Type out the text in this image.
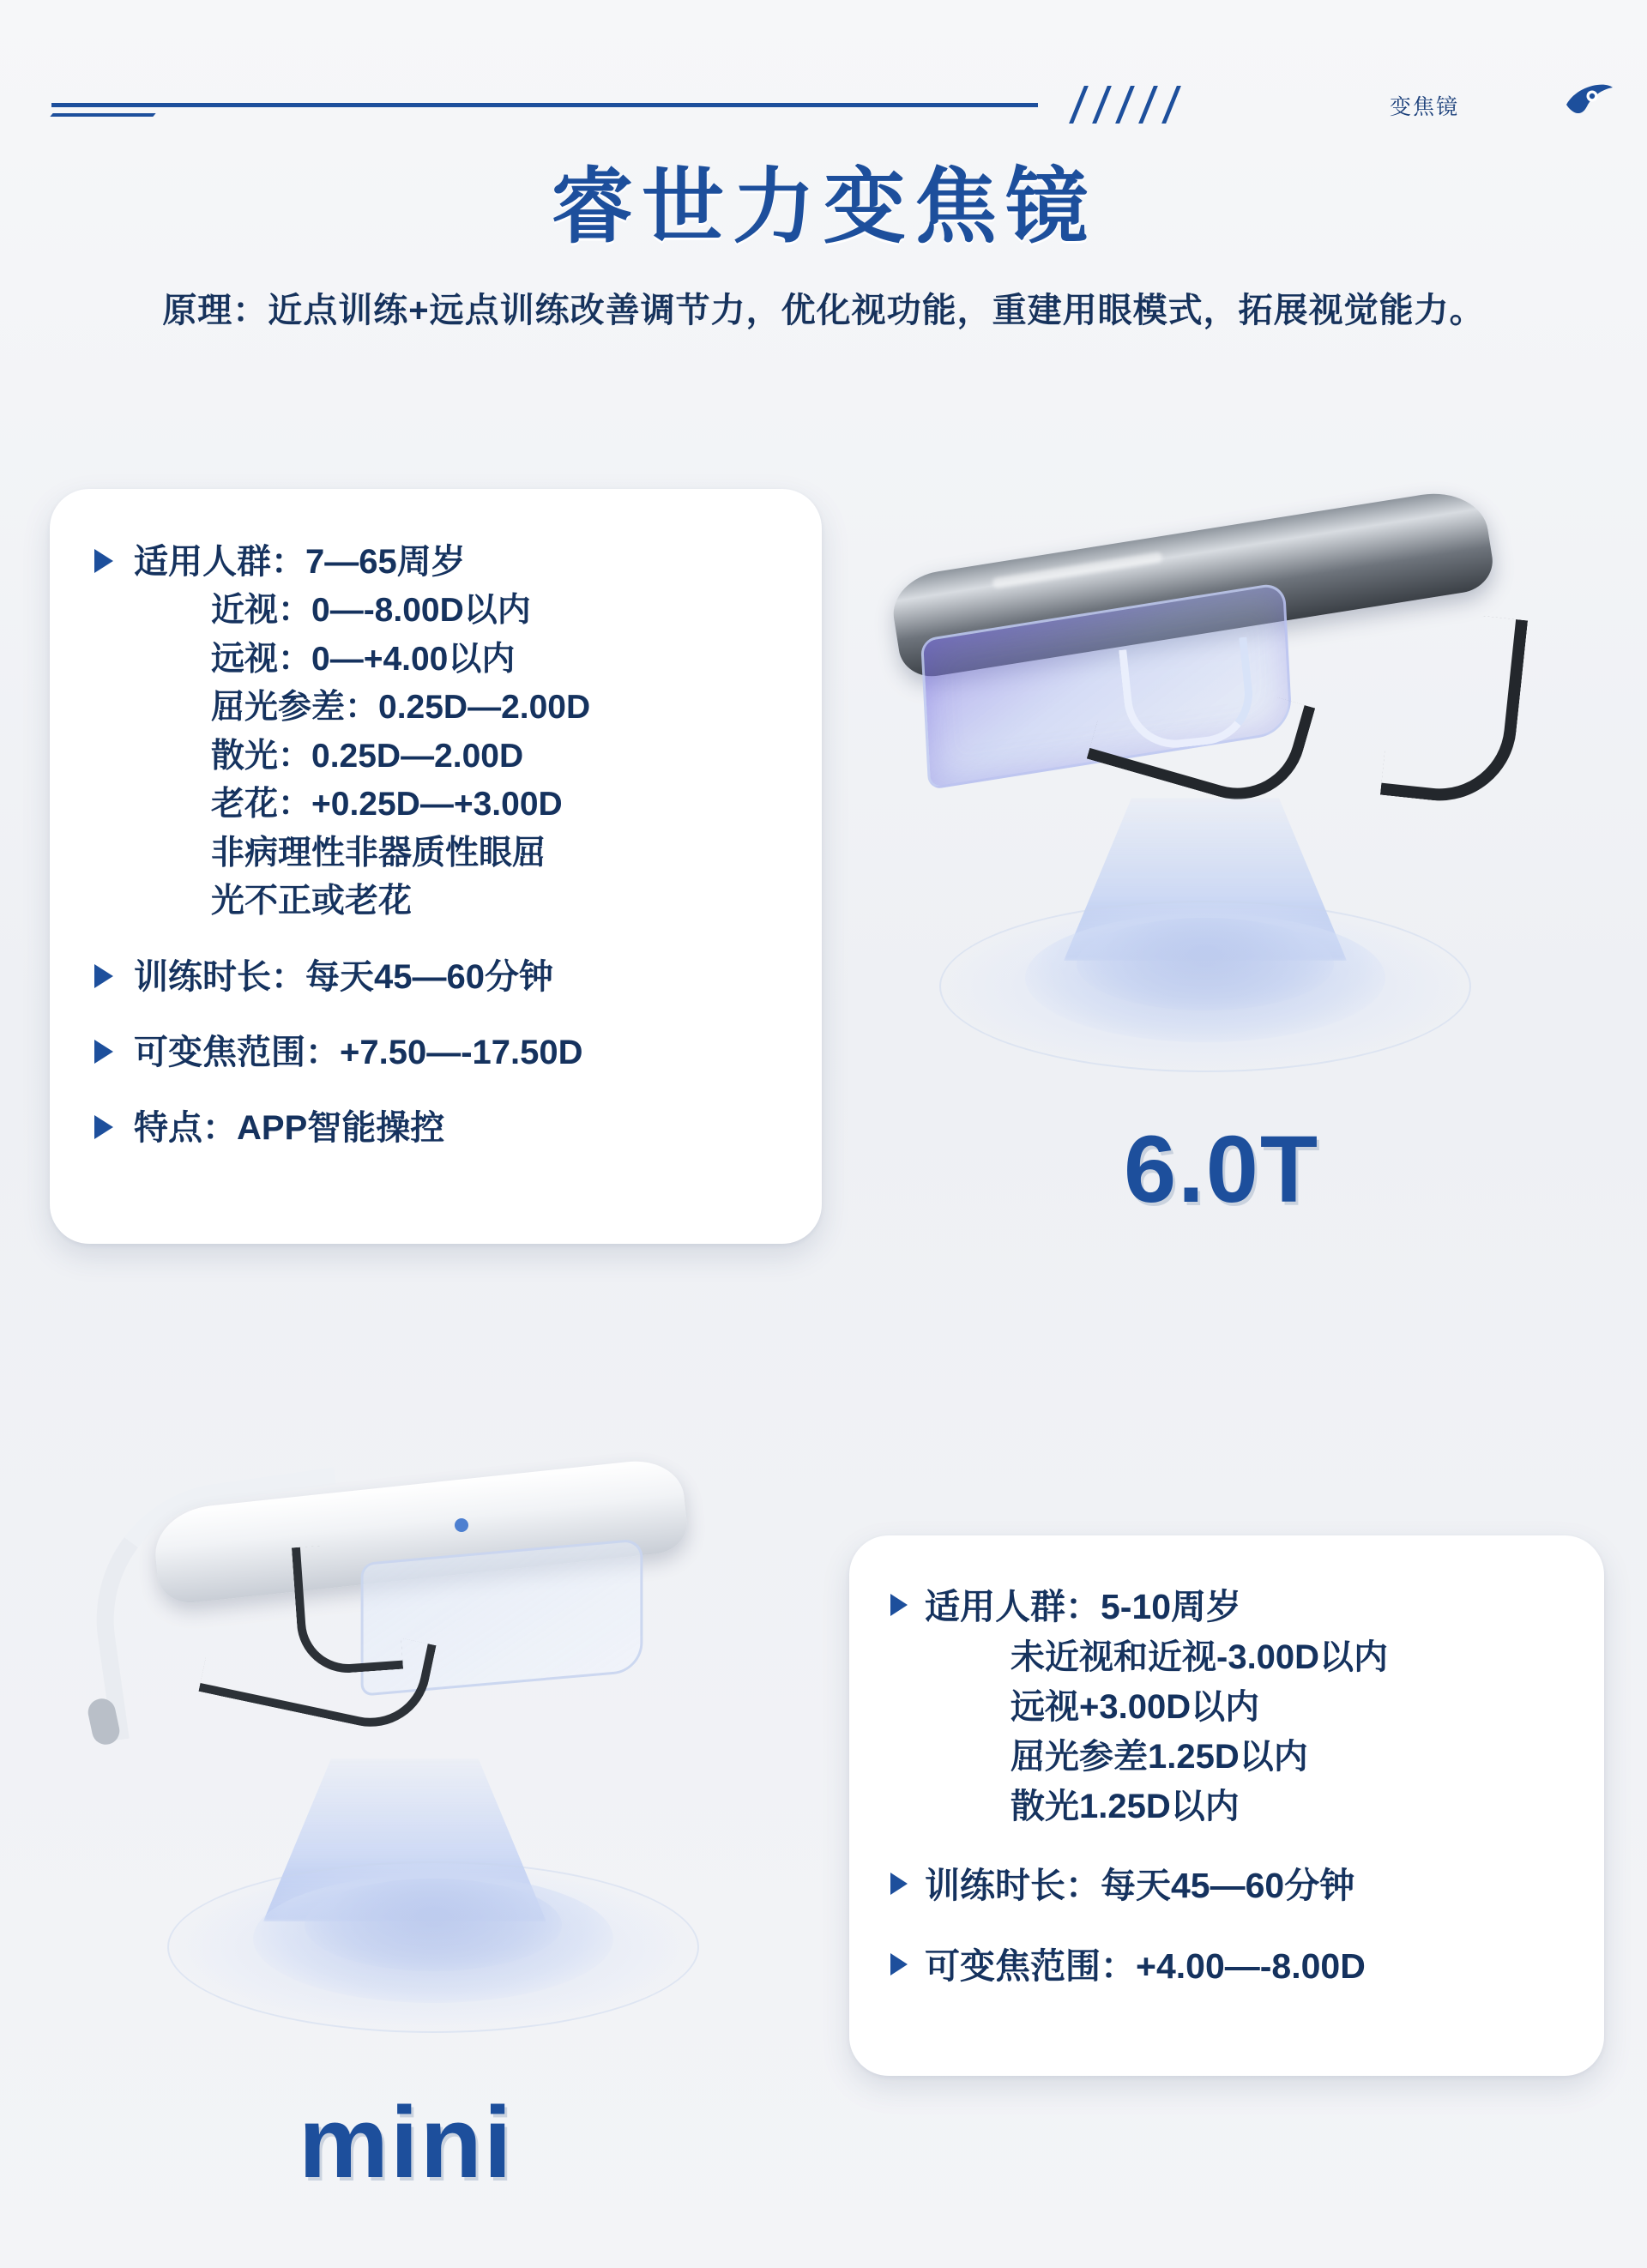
变焦镜
睿世力变焦镜
原理：近点训练+远点训练改善调节力，优化视功能，重建用眼模式，拓展视觉能力。
适用人群：7—65周岁
近视：0—-8.00D以内
远视：0—+4.00以内
屈光参差：0.25D—2.00D
散光：0.25D—2.00D
老花：+0.25D—+3.00D
非病理性非器质性眼屈
光不正或老花
训练时长：每天45—60分钟
可变焦范围：+7.50—-17.50D
特点：APP智能操控	6.0T
mini
适用人群：5-10周岁
未近视和近视-3.00D以内
远视+3.00D以内
屈光参差1.25D以内
散光1.25D以内
训练时长：每天45—60分钟
可变焦范围：+4.00—-8.00D
